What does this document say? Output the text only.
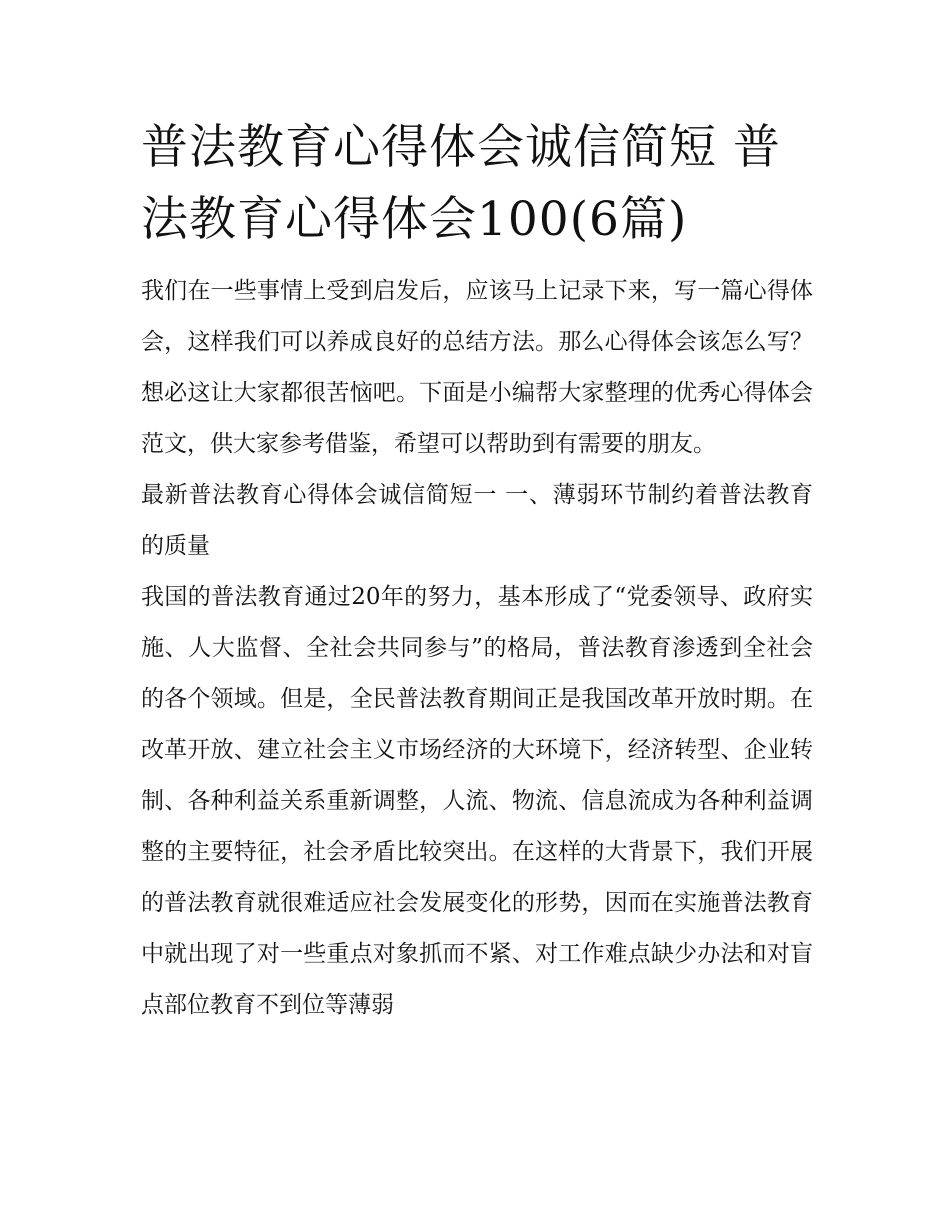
普法教育心得体会诚信简短 普法教育心得体会100(6篇)

我们在一些事情上受到启发后，应该马上记录下来，写一篇心得体会，这样我们可以养成良好的总结方法。那么心得体会该怎么写？想必这让大家都很苦恼吧。下面是小编帮大家整理的优秀心得体会范文，供大家参考借鉴，希望可以帮助到有需要的朋友。

最新普法教育心得体会诚信简短一 一、薄弱环节制约着普法教育的质量

我国的普法教育通过20年的努力，基本形成了“党委领导、政府实施、人大监督、全社会共同参与”的格局，普法教育渗透到全社会的各个领域。但是，全民普法教育期间正是我国改革开放时期。在改革开放、建立社会主义市场经济的大环境下，经济转型、企业转制、各种利益关系重新调整，人流、物流、信息流成为各种利益调整的主要特征，社会矛盾比较突出。在这样的大背景下，我们开展的普法教育就很难适应社会发展变化的形势，因而在实施普法教育中就出现了对一些重点对象抓而不紧、对工作难点缺少办法和对盲点部位教育不到位等薄弱
